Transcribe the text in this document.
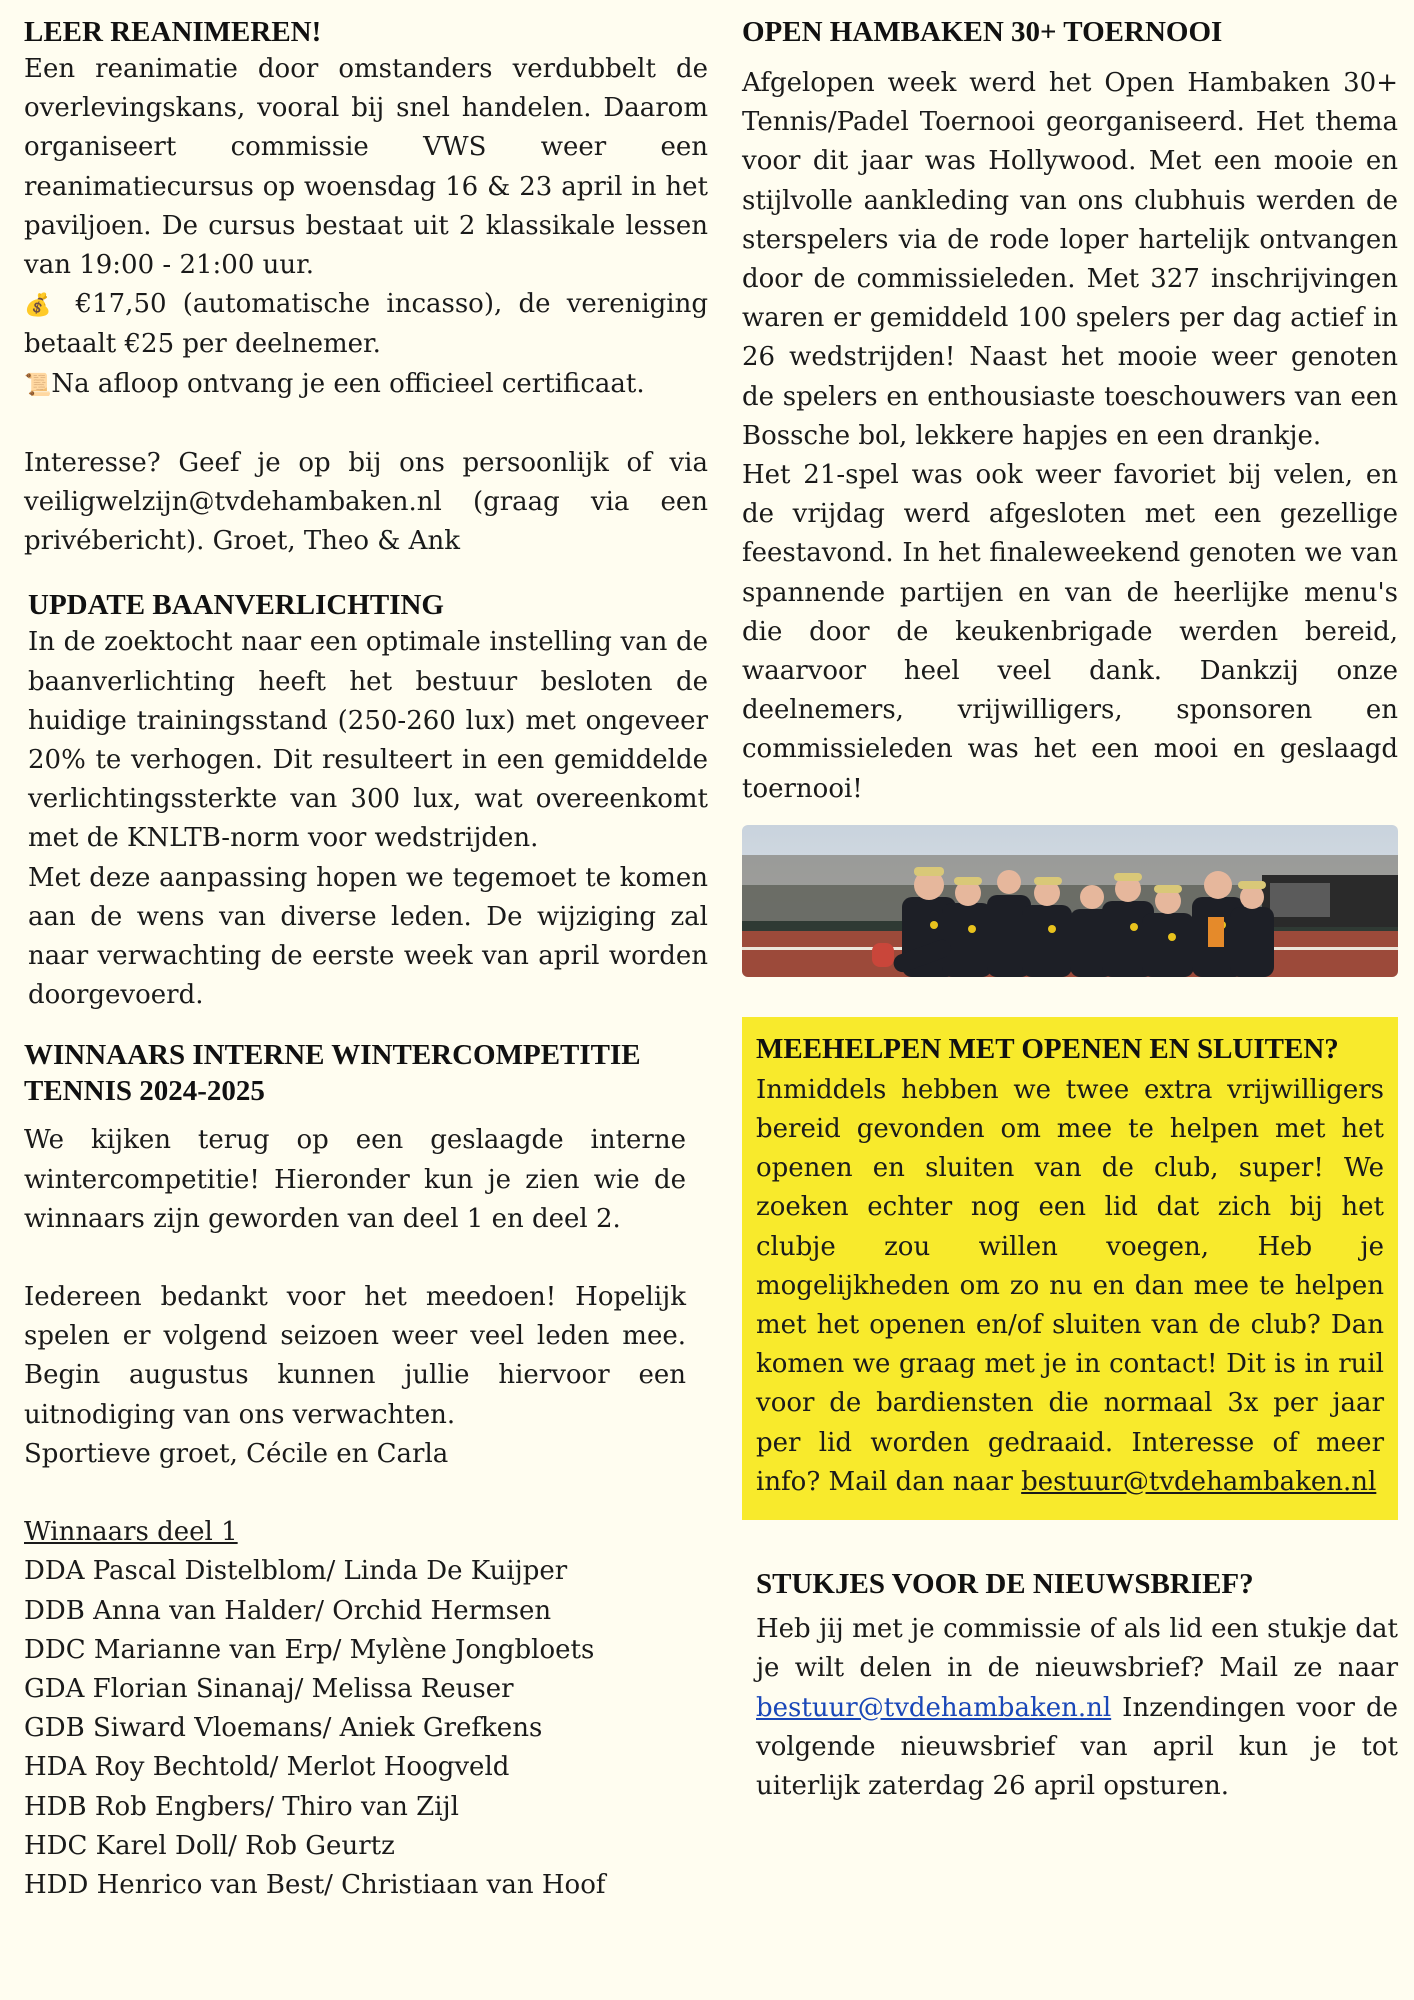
LEER REANIMEREN!

Een reanimatie door omstanders verdubbelt de overlevingskans, vooral bij snel handelen. Daarom organiseert commissie VWS weer een reanimatiecursus op woensdag 16 & 23 april in het paviljoen. De cursus bestaat uit 2 klassikale lessen van 19:00 - 21:00 uur.

💰 €17,50 (automatische incasso), de vereniging betaalt €25 per deelnemer.

📜Na afloop ontvang je een officieel certificaat.

Interesse? Geef je op bij ons persoonlijk of via veiligwelzijn@tvdehambaken.nl (graag via een privébericht). Groet, Theo & Ank

UPDATE BAANVERLICHTING

In de zoektocht naar een optimale instelling van de baanverlichting heeft het bestuur besloten de huidige trainingsstand (250-260 lux) met ongeveer 20% te verhogen. Dit resulteert in een gemiddelde verlichtingssterkte van 300 lux, wat overeenkomt met de KNLTB-norm voor wedstrijden.

Met deze aanpassing hopen we tegemoet te komen aan de wens van diverse leden. De wijziging zal naar verwachting de eerste week van april worden doorgevoerd.

WINNAARS INTERNE WINTERCOMPETITIE TENNIS 2024-2025

We kijken terug op een geslaagde interne wintercompetitie! Hieronder kun je zien wie de winnaars zijn geworden van deel 1 en deel 2.

Iedereen bedankt voor het meedoen! Hopelijk spelen er volgend seizoen weer veel leden mee. Begin augustus kunnen jullie hiervoor een uitnodiging van ons verwachten.

Sportieve groet, Cécile en Carla

Winnaars deel 1

DDA Pascal Distelblom/ Linda De Kuijper

DDB Anna van Halder/ Orchid Hermsen

DDC Marianne van Erp/ Mylène Jongbloets

GDA Florian Sinanaj/ Melissa Reuser

GDB Siward Vloemans/ Aniek Grefkens

HDA Roy Bechtold/ Merlot Hoogveld

HDB Rob Engbers/ Thiro van Zijl

HDC Karel Doll/ Rob Geurtz

HDD Henrico van Best/ Christiaan van Hoof

OPEN HAMBAKEN 30+ TOERNOOI

Afgelopen week werd het Open Hambaken 30+ Tennis/Padel Toernooi georganiseerd. Het thema voor dit jaar was Hollywood. Met een mooie en stijlvolle aankleding van ons clubhuis werden de sterspelers via de rode loper hartelijk ontvangen door de commissieleden. Met 327 inschrijvingen waren er gemiddeld 100 spelers per dag actief in 26 wedstrijden! Naast het mooie weer genoten de spelers en enthousiaste toeschouwers van een Bossche bol, lekkere hapjes en een drankje.

Het 21-spel was ook weer favoriet bij velen, en de vrijdag werd afgesloten met een gezellige feestavond. In het finaleweekend genoten we van spannende partijen en van de heerlijke menu's die door de keukenbrigade werden bereid, waarvoor heel veel dank. Dankzij onze deelnemers, vrijwilligers, sponsoren en commissieleden was het een mooi en geslaagd toernooi!

MEEHELPEN MET OPENEN EN SLUITEN?

Inmiddels hebben we twee extra vrijwilligers bereid gevonden om mee te helpen met het openen en sluiten van de club, super! We zoeken echter nog een lid dat zich bij het clubje zou willen voegen, Heb je mogelijkheden om zo nu en dan mee te helpen met het openen en/of sluiten van de club? Dan komen we graag met je in contact! Dit is in ruil voor de bardiensten die normaal 3x per jaar per lid worden gedraaid. Interesse of meer info? Mail dan naar bestuur@tvdehambaken.nl

STUKJES VOOR DE NIEUWSBRIEF?

Heb jij met je commissie of als lid een stukje dat je wilt delen in de nieuwsbrief? Mail ze naar bestuur@tvdehambaken.nl Inzendingen voor de volgende nieuwsbrief van april kun je tot uiterlijk zaterdag 26 april opsturen.
